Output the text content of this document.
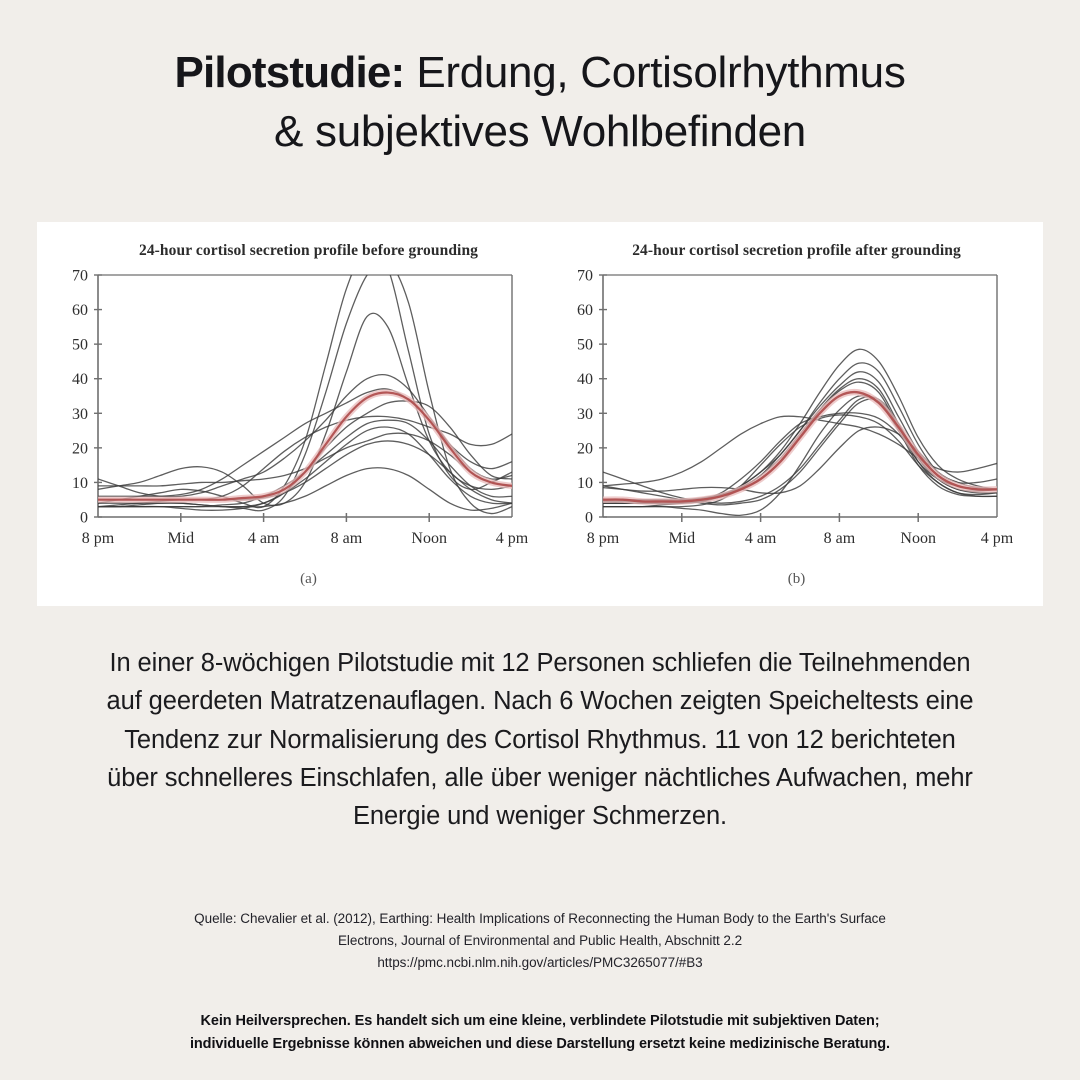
Pilotstudie: Erdung, Cortisolrhythmus
& subjektives Wohlbefinden
24-hour cortisol secretion profile before grounding
0
10
20
30
40
50
60
70
8 pm	Mid	4 am	8 am	Noon	4 pm
(a)
24-hour cortisol secretion profile after grounding
0
10
20
30
40
50
60
70
8 pm	Mid	4 am	8 am	Noon	4 pm
(b)

In einer 8-wöchigen Pilotstudie mit 12 Personen schliefen die Teilnehmenden auf geerdeten Matratzenauflagen. Nach 6 Wochen zeigten Speicheltests eine Tendenz zur Normalisierung des Cortisol Rhythmus. 11 von 12 berichteten über schnelleres Einschlafen, alle über weniger nächtliches Aufwachen, mehr Energie und weniger Schmerzen.

Quelle: Chevalier et al. (2012), Earthing: Health Implications of Reconnecting the Human Body to the Earth's Surface
Electrons, Journal of Environmental and Public Health, Abschnitt 2.2
https://pmc.ncbi.nlm.nih.gov/articles/PMC3265077/#B3
Kein Heilversprechen. Es handelt sich um eine kleine, verblindete Pilotstudie mit subjektiven Daten;
individuelle Ergebnisse können abweichen und diese Darstellung ersetzt keine medizinische Beratung.
